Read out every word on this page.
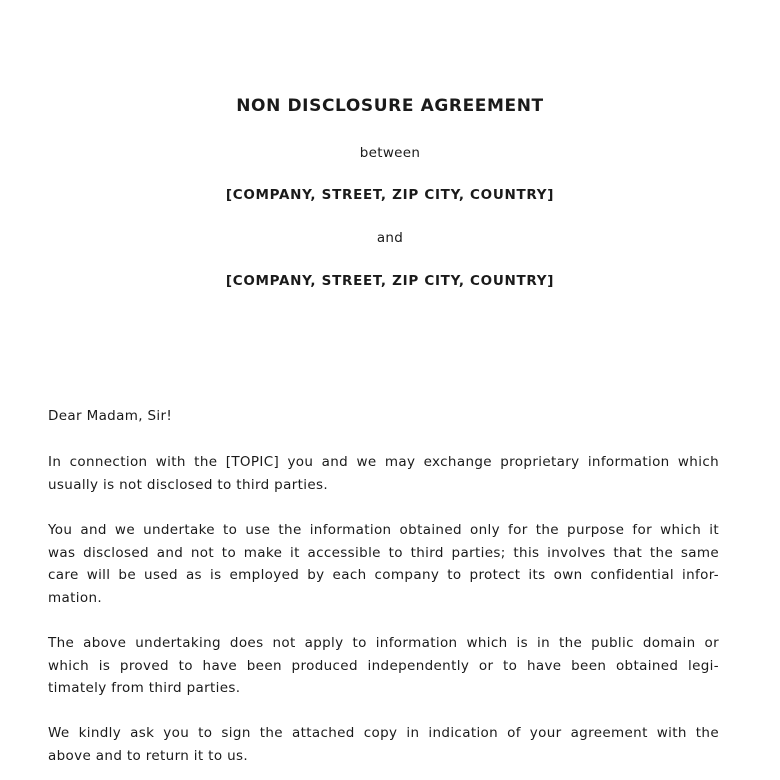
NON DISCLOSURE AGREEMENT
between
[COMPANY, STREET, ZIP CITY, COUNTRY]
and
[COMPANY, STREET, ZIP CITY, COUNTRY]
Dear Madam, Sir!
In connection with the [TOPIC] you and we may exchange proprietary information which
usually is not disclosed to third parties.
You and we undertake to use the information obtained only for the purpose for which it
was disclosed and not to make it accessible to third parties; this involves that the same
care will be used as is employed by each company to protect its own confidential infor-
mation.
The above undertaking does not apply to information which is in the public domain or
which is proved to have been produced independently or to have been obtained legi-
timately from third parties.
We kindly ask you to sign the attached copy in indication of your agreement with the
above and to return it to us.
